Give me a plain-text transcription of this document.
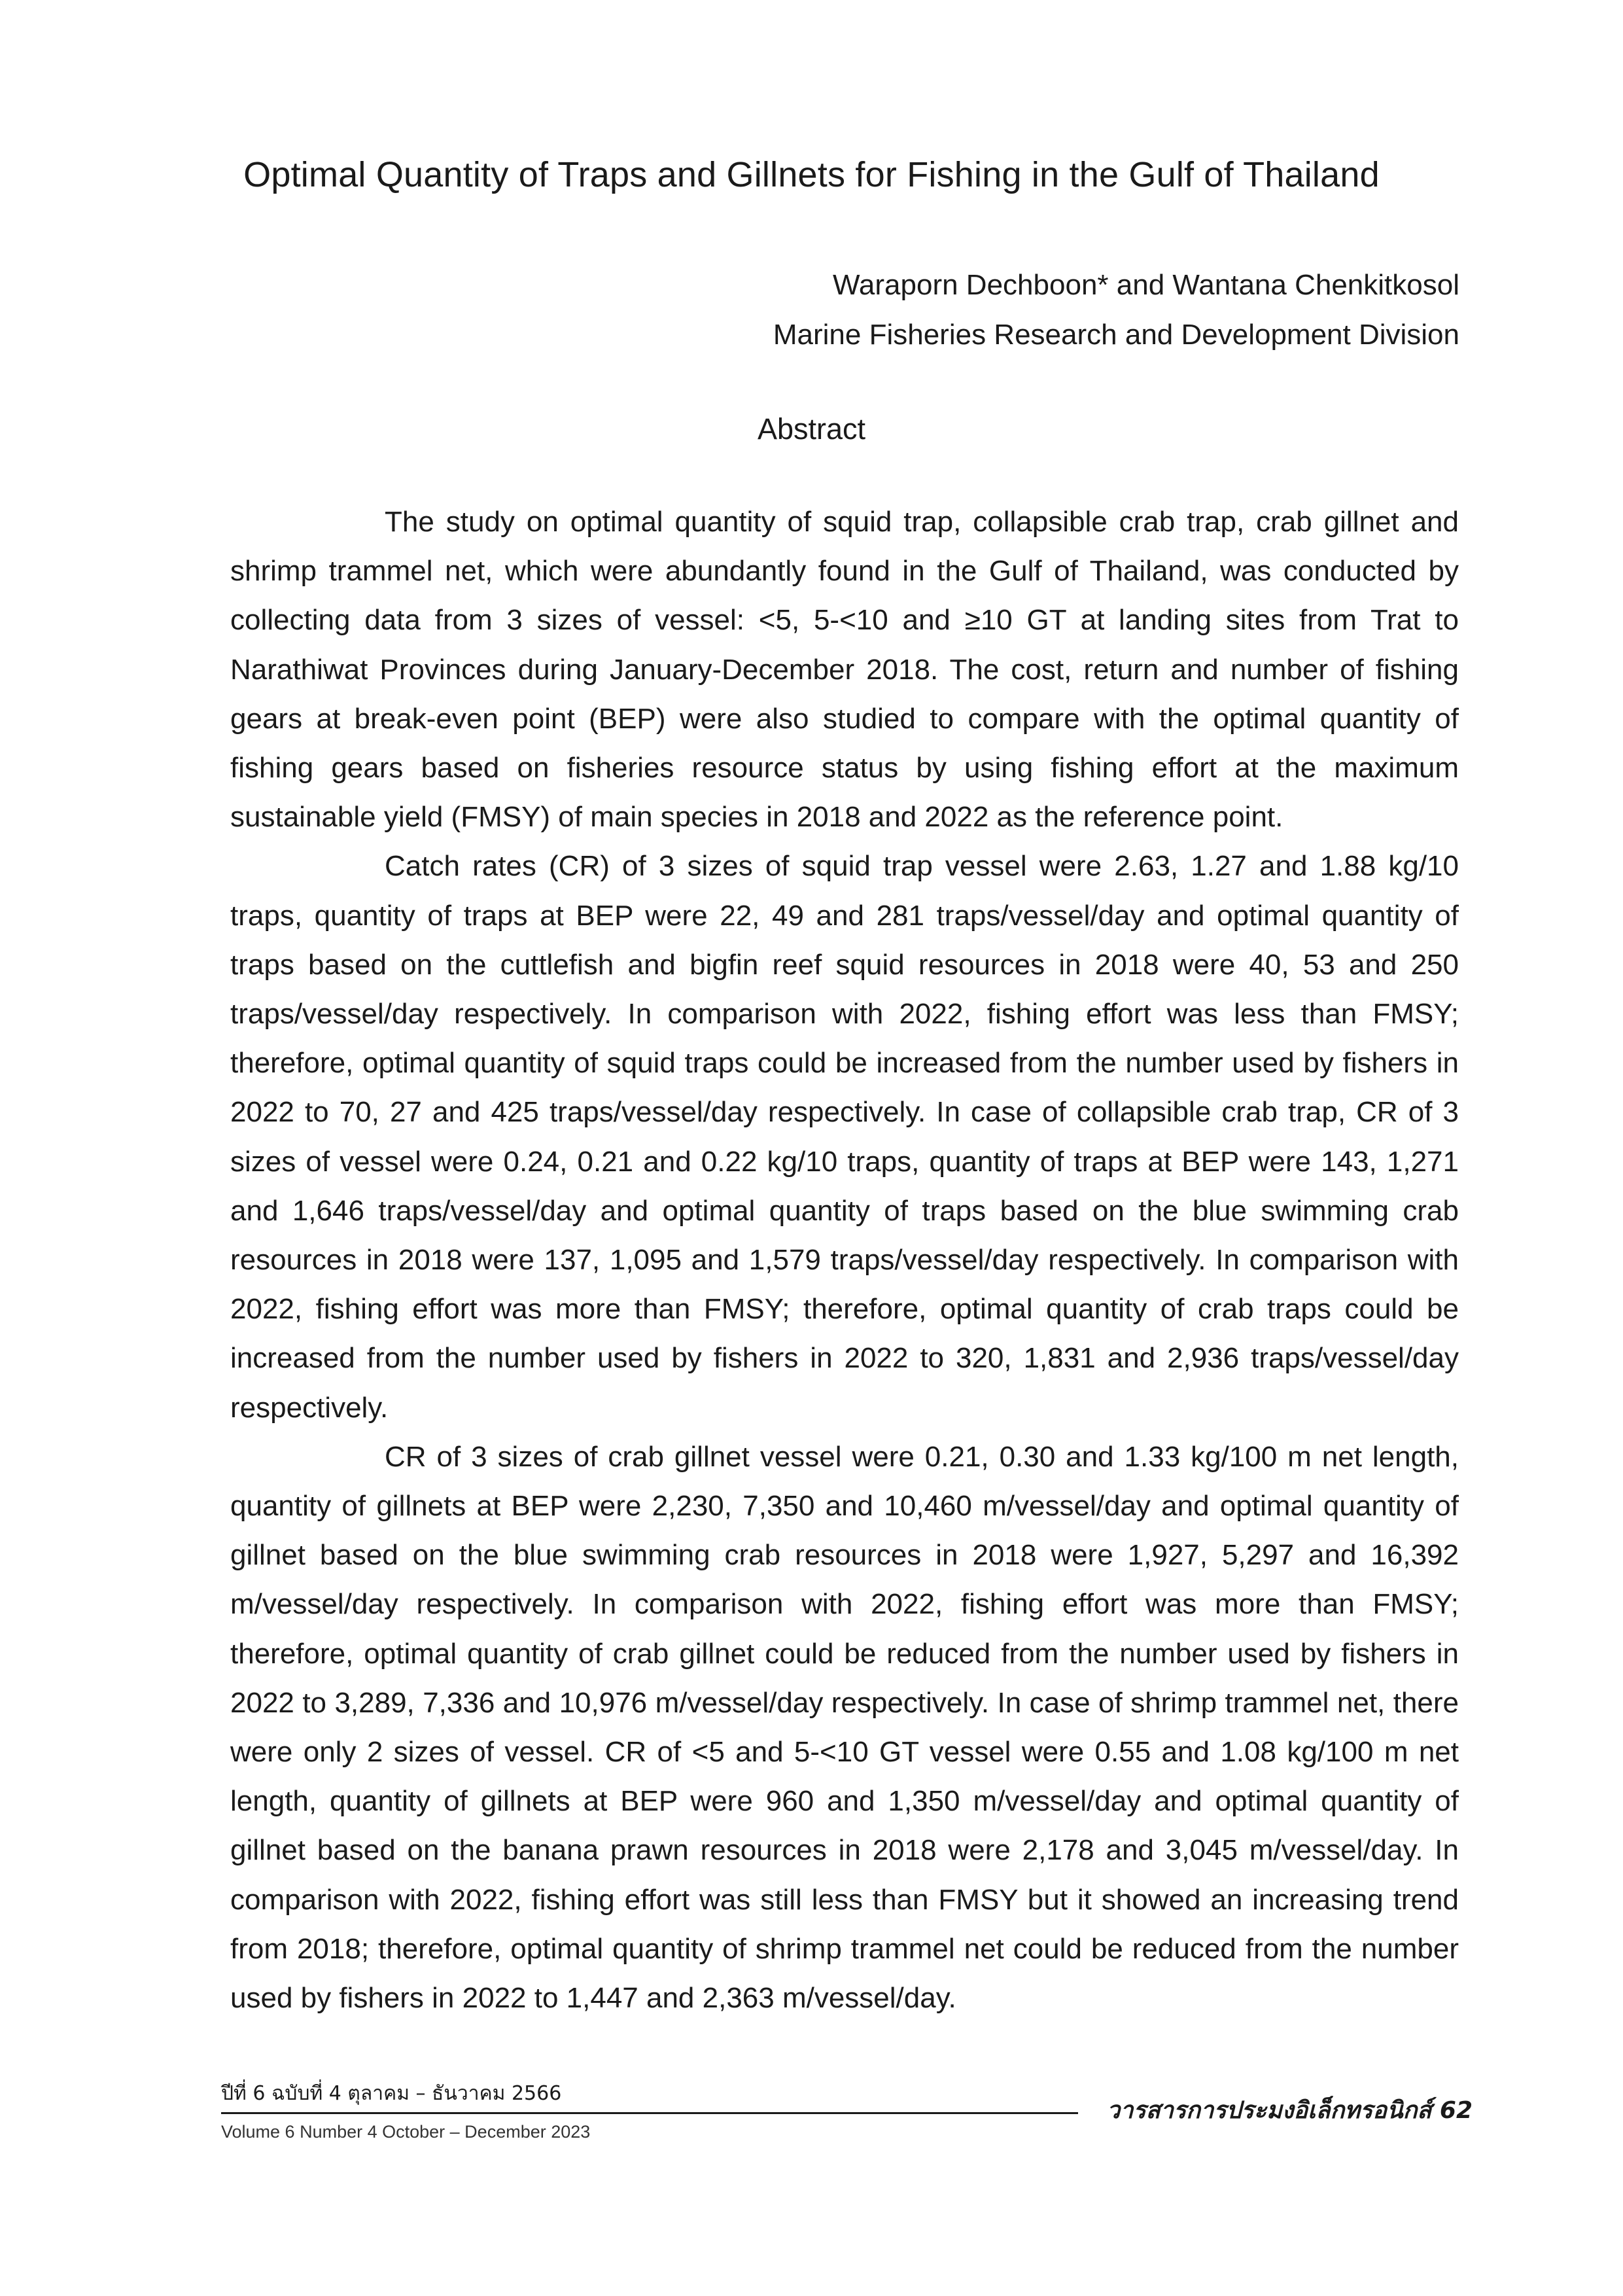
Optimal Quantity of Traps and Gillnets for Fishing in the Gulf of Thailand
Waraporn Dechboon* and Wantana Chenkitkosol
Marine Fisheries Research and Development Division
Abstract

The study on optimal quantity of squid trap, collapsible crab trap, crab gillnet and shrimp trammel net, which were abundantly found in the Gulf of Thailand, was conducted by collecting data from 3 sizes of vessel: <5, 5-<10 and ≥10 GT at landing sites from Trat to Narathiwat Provinces during January-December 2018. The cost, return and number of fishing gears at break-even point (BEP) were also studied to compare with the optimal quantity of fishing gears based on fisheries resource status by using fishing effort at the maximum sustainable yield (FMSY) of main species in 2018 and 2022 as the reference point.

Catch rates (CR) of 3 sizes of squid trap vessel were 2.63, 1.27 and 1.88 kg/10 traps, quantity of traps at BEP were 22, 49 and 281 traps/vessel/day and optimal quantity of traps based on the cuttlefish and bigfin reef squid resources in 2018 were 40, 53 and 250 traps/vessel/day respectively. In comparison with 2022, fishing effort was less than FMSY; therefore, optimal quantity of squid traps could be increased from the number used by fishers in 2022 to 70, 27 and 425 traps/vessel/day respectively. In case of collapsible crab trap, CR of 3 sizes of vessel were 0.24, 0.21 and 0.22 kg/10 traps, quantity of traps at BEP were 143, 1,271 and 1,646 traps/vessel/day and optimal quantity of traps based on the blue swimming crab resources in 2018 were 137, 1,095 and 1,579 traps/vessel/day respectively. In comparison with 2022, fishing effort was more than FMSY; therefore, optimal quantity of crab traps could be increased from the number used by fishers in 2022 to 320, 1,831 and 2,936 traps/vessel/day respectively.

CR of 3 sizes of crab gillnet vessel were 0.21, 0.30 and 1.33 kg/100 m net length, quantity of gillnets at BEP were 2,230, 7,350 and 10,460 m/vessel/day and optimal quantity of gillnet based on the blue swimming crab resources in 2018 were 1,927, 5,297 and 16,392 m/vessel/day respectively. In comparison with 2022, fishing effort was more than FMSY; therefore, optimal quantity of crab gillnet could be reduced from the number used by fishers in 2022 to 3,289, 7,336 and 10,976 m/vessel/day respectively. In case of shrimp trammel net, there were only 2 sizes of vessel. CR of <5 and 5-<10 GT vessel were 0.55 and 1.08 kg/100 m net length, quantity of gillnets at BEP were 960 and 1,350 m/vessel/day and optimal quantity of gillnet based on the banana prawn resources in 2018 were 2,178 and 3,045 m/vessel/day. In comparison with 2022, fishing effort was still less than FMSY but it showed an increasing trend from 2018; therefore, optimal quantity of shrimp trammel net could be reduced from the number used by fishers in 2022 to 1,447 and 2,363 m/vessel/day.

ปีที่ 6 ฉบับที่ 4 ตุลาคม – ธันวาคม 2566
Volume 6 Number 4 October – December 2023
วารสารการประมงอิเล็กทรอนิกส์ 62
